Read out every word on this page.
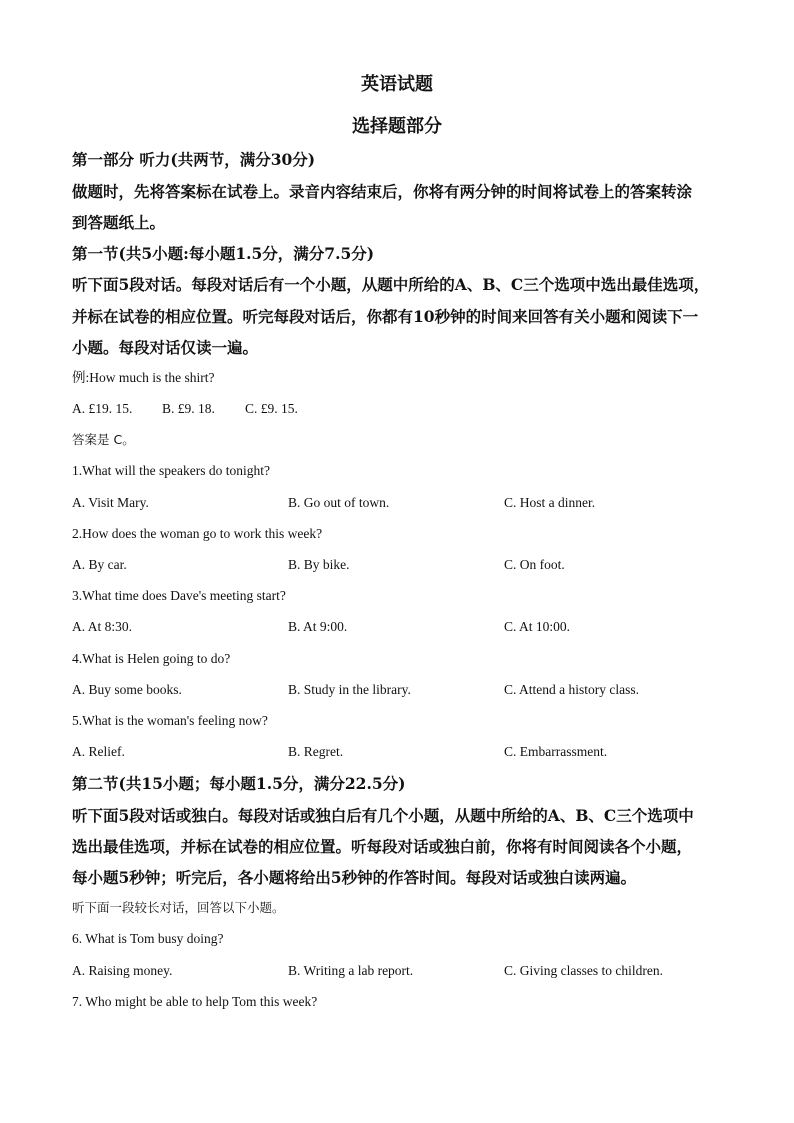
英语试题
选择题部分
第一部分 听力(共两节，满分30分)
做题时，先将答案标在试卷上。录音内容结束后，你将有两分钟的时间将试卷上的答案转涂
到答题纸上。
第一节(共5小题:每小题1.5分，满分7.5分)
听下面5段对话。每段对话后有一个小题，从题中所给的A、B、C三个选项中选出最佳选项，
并标在试卷的相应位置。听完每段对话后，你都有10秒钟的时间来回答有关小题和阅读下一
小题。每段对话仅读一遍。
例:How much is the shirt?
A. £19. 15. B. £9. 18. C. £9. 15.
答案是 C。
1.What will the speakers do tonight?
A. Visit Mary.	B. Go out of town.	C. Host a dinner.
2.How does the woman go to work this week?
A. By car.	B. By bike.	C. On foot.
3.What time does Dave's meeting start?
A. At 8:30.	B. At 9:00.	C. At 10:00.
4.What is Helen going to do?
A. Buy some books.	B. Study in the library.	C. Attend a history class.
5.What is the woman's feeling now?
A. Relief.	B. Regret.	C. Embarrassment.
第二节(共15小题；每小题1.5分，满分22.5分)
听下面5段对话或独白。每段对话或独白后有几个小题，从题中所给的A、B、C三个选项中
选出最佳选项，并标在试卷的相应位置。听每段对话或独白前，你将有时间阅读各个小题，
每小题5秒钟；听完后，各小题将给出5秒钟的作答时间。每段对话或独白读两遍。
听下面一段较长对话，回答以下小题。
6. What is Tom busy doing?
A. Raising money.	B. Writing a lab report.	C. Giving classes to children.
7. Who might be able to help Tom this week?
